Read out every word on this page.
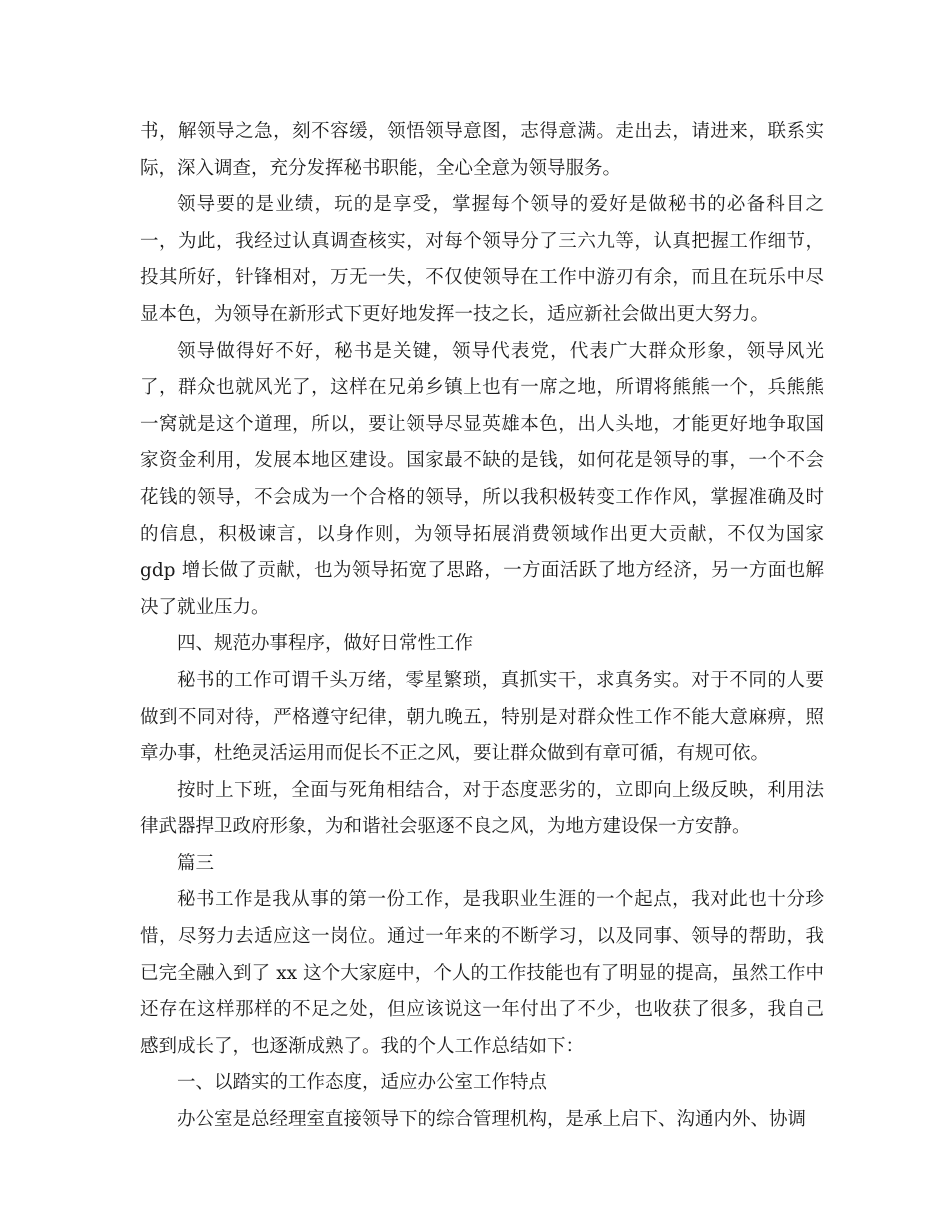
书，解领导之急，刻不容缓，领悟领导意图，志得意满。走出去，请进来，联系实际，深入调查，充分发挥秘书职能，全心全意为领导服务。

领导要的是业绩，玩的是享受，掌握每个领导的爱好是做秘书的必备科目之一，为此，我经过认真调查核实，对每个领导分了三六九等，认真把握工作细节，投其所好，针锋相对，万无一失，不仅使领导在工作中游刃有余，而且在玩乐中尽显本色，为领导在新形式下更好地发挥一技之长，适应新社会做出更大努力。

领导做得好不好，秘书是关键，领导代表党，代表广大群众形象，领导风光了，群众也就风光了，这样在兄弟乡镇上也有一席之地，所谓将熊熊一个，兵熊熊一窝就是这个道理，所以，要让领导尽显英雄本色，出人头地，才能更好地争取国家资金利用，发展本地区建设。国家最不缺的是钱，如何花是领导的事，一个不会花钱的领导，不会成为一个合格的领导，所以我积极转变工作作风，掌握准确及时的信息，积极谏言，以身作则，为领导拓展消费领域作出更大贡献，不仅为国家 gdp 增长做了贡献，也为领导拓宽了思路，一方面活跃了地方经济，另一方面也解决了就业压力。

四、规范办事程序，做好日常性工作

秘书的工作可谓千头万绪，零星繁琐，真抓实干，求真务实。对于不同的人要做到不同对待，严格遵守纪律，朝九晚五，特别是对群众性工作不能大意麻痹，照章办事，杜绝灵活运用而促长不正之风，要让群众做到有章可循，有规可依。

按时上下班，全面与死角相结合，对于态度恶劣的，立即向上级反映，利用法律武器捍卫政府形象，为和谐社会驱逐不良之风，为地方建设保一方安静。

篇三

秘书工作是我从事的第一份工作，是我职业生涯的一个起点，我对此也十分珍惜，尽努力去适应这一岗位。通过一年来的不断学习，以及同事、领导的帮助，我已完全融入到了 xx 这个大家庭中，个人的工作技能也有了明显的提高，虽然工作中还存在这样那样的不足之处，但应该说这一年付出了不少，也收获了很多，我自己感到成长了，也逐渐成熟了。我的个人工作总结如下：

一、以踏实的工作态度，适应办公室工作特点

办公室是总经理室直接领导下的综合管理机构，是承上启下、沟通内外、协调
